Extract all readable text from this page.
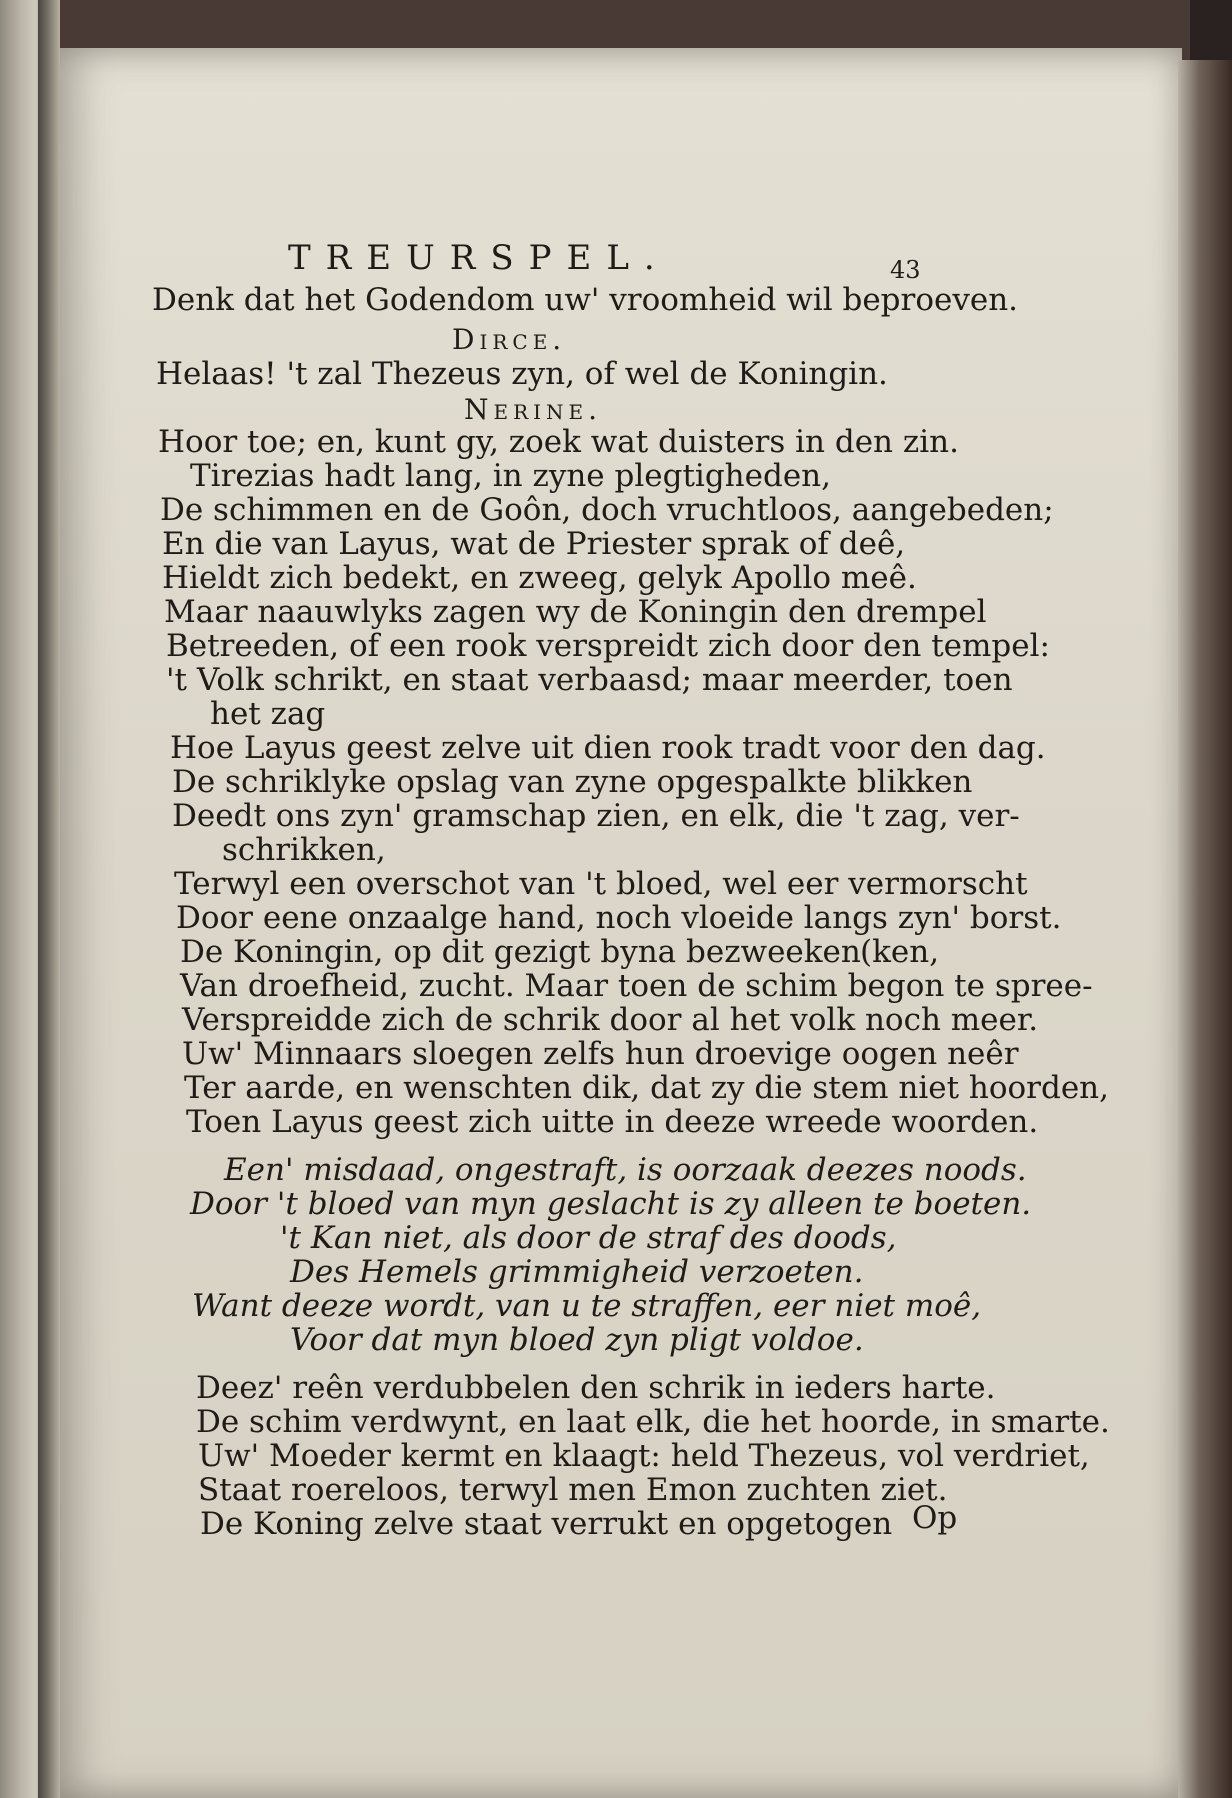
TREURSPEL.	43
Denk dat het Godendom uw' vroomheid wil beproeven.
Dirce.
Helaas! 't zal Thezeus zyn, of wel de Koningin.
Nerine.
Hoor toe; en, kunt gy, zoek wat duisters in den zin.
Tirezias hadt lang, in zyne plegtigheden,
De schimmen en de Goôn, doch vruchtloos, aangebeden;
En die van Layus, wat de Priester sprak of deê,
Hieldt zich bedekt, en zweeg, gelyk Apollo meê.
Maar naauwlyks zagen wy de Koningin den drempel
Betreeden, of een rook verspreidt zich door den tempel:
't Volk schrikt, en staat verbaasd; maar meerder, toen
het zag
Hoe Layus geest zelve uit dien rook tradt voor den dag.
De schriklyke opslag van zyne opgespalkte blikken
Deedt ons zyn' gramschap zien, en elk, die 't zag, ver-
schrikken,
Terwyl een overschot van 't bloed, wel eer vermorscht
Door eene onzaalge hand, noch vloeide langs zyn' borst.
De Koningin, op dit gezigt byna bezweeken (ken,
Van droefheid, zucht. Maar toen de schim begon te spree-
Verspreidde zich de schrik door al het volk noch meer.
Uw' Minnaars sloegen zelfs hun droevige oogen neêr
Ter aarde, en wenschten dik, dat zy die stem niet hoorden,
Toen Layus geest zich uitte in deeze wreede woorden.
Een' misdaad, ongestraft, is oorzaak deezes noods.
Door 't bloed van myn geslacht is zy alleen te boeten.
't Kan niet, als door de straf des doods,
Des Hemels grimmigheid verzoeten.
Want deeze wordt, van u te straffen, eer niet moê,
Voor dat myn bloed zyn pligt voldoe.
Deez' reên verdubbelen den schrik in ieders harte.
De schim verdwynt, en laat elk, die het hoorde, in smarte.
Uw' Moeder kermt en klaagt: held Thezeus, vol verdriet,
Staat roereloos, terwyl men Emon zuchten ziet.
De Koning zelve staat verrukt en opgetogen Op
